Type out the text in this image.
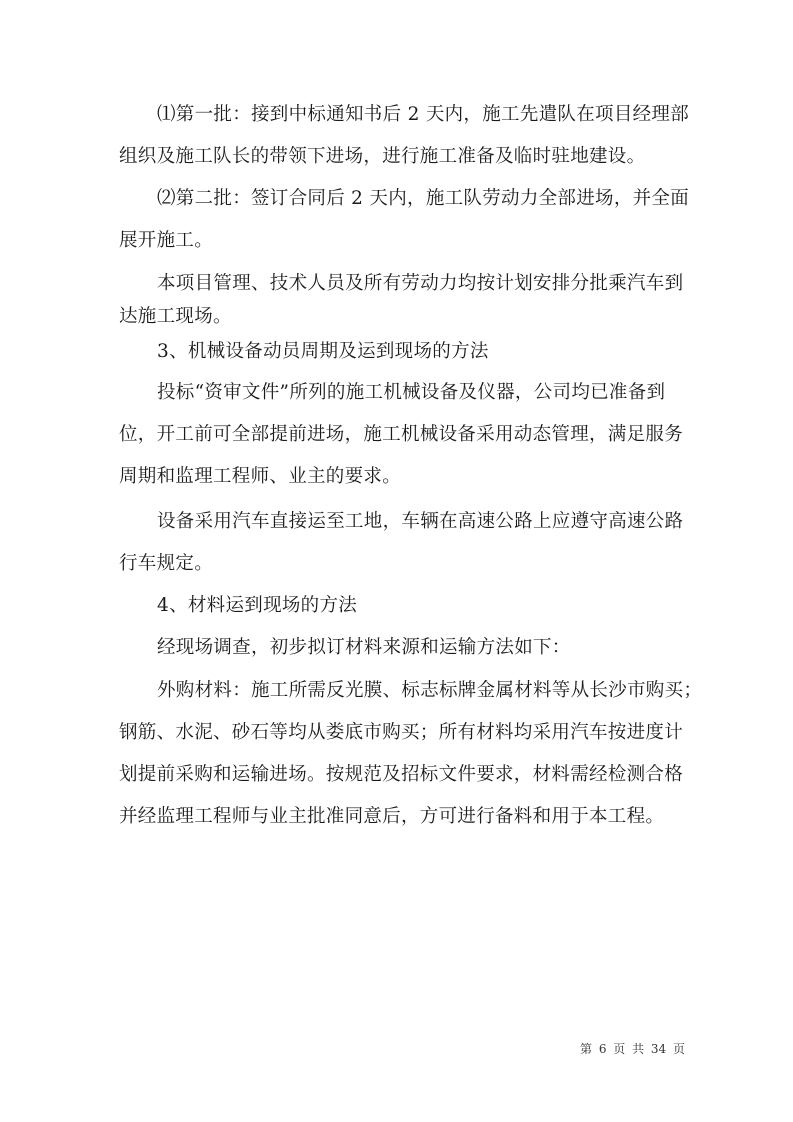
⑴第一批：接到中标通知书后 2 天内，施工先遣队在项目经理部
组织及施工队长的带领下进场，进行施工准备及临时驻地建设。
⑵第二批：签订合同后 2 天内，施工队劳动力全部进场，并全面
展开施工。
本项目管理、技术人员及所有劳动力均按计划安排分批乘汽车到
达施工现场。
3、机械设备动员周期及运到现场的方法
投标“资审文件”所列的施工机械设备及仪器，公司均已准备到
位，开工前可全部提前进场，施工机械设备采用动态管理，满足服务
周期和监理工程师、业主的要求。
设备采用汽车直接运至工地，车辆在高速公路上应遵守高速公路
行车规定。
4、材料运到现场的方法
经现场调查，初步拟订材料来源和运输方法如下：
外购材料：施工所需反光膜、标志标牌金属材料等从长沙市购买；
钢筋、水泥、砂石等均从娄底市购买；所有材料均采用汽车按进度计
划提前采购和运输进场。按规范及招标文件要求，材料需经检测合格
并经监理工程师与业主批准同意后，方可进行备料和用于本工程。
第 6 页 共 34 页
